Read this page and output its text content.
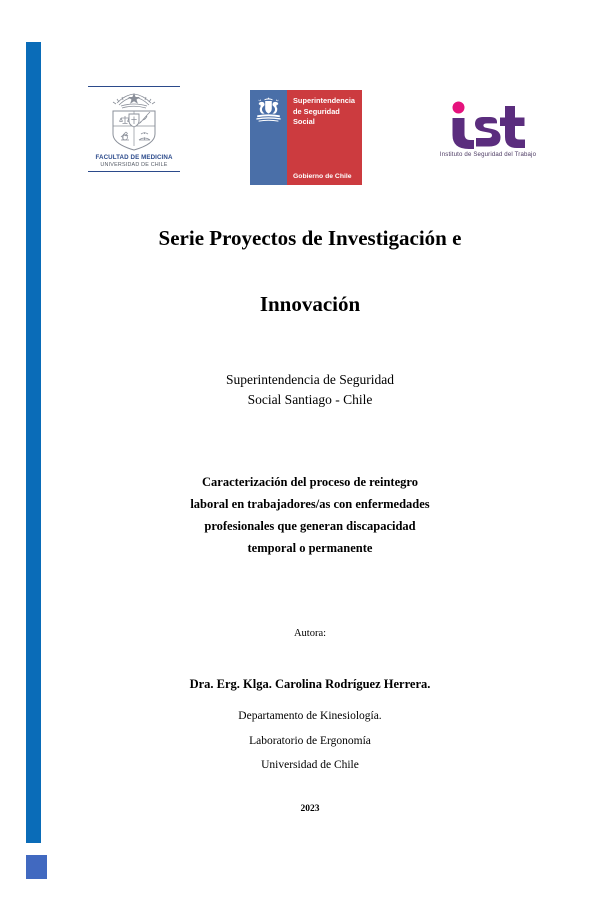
FACULTAD DE MEDICINA
UNIVERSIDAD DE CHILE
Superintendencia de Seguridad Social
Gobierno de Chile
Instituto de Seguridad del Trabajo
Serie Proyectos de Investigación e
Innovación
Superintendencia de Seguridad
Social Santiago - Chile
Caracterización del proceso de reintegro
laboral en trabajadores/as con enfermedades
profesionales que generan discapacidad
temporal o permanente
Autora:
Dra. Erg. Klga. Carolina Rodríguez Herrera.
Departamento de Kinesiología.
Laboratorio de Ergonomía
Universidad de Chile
2023
